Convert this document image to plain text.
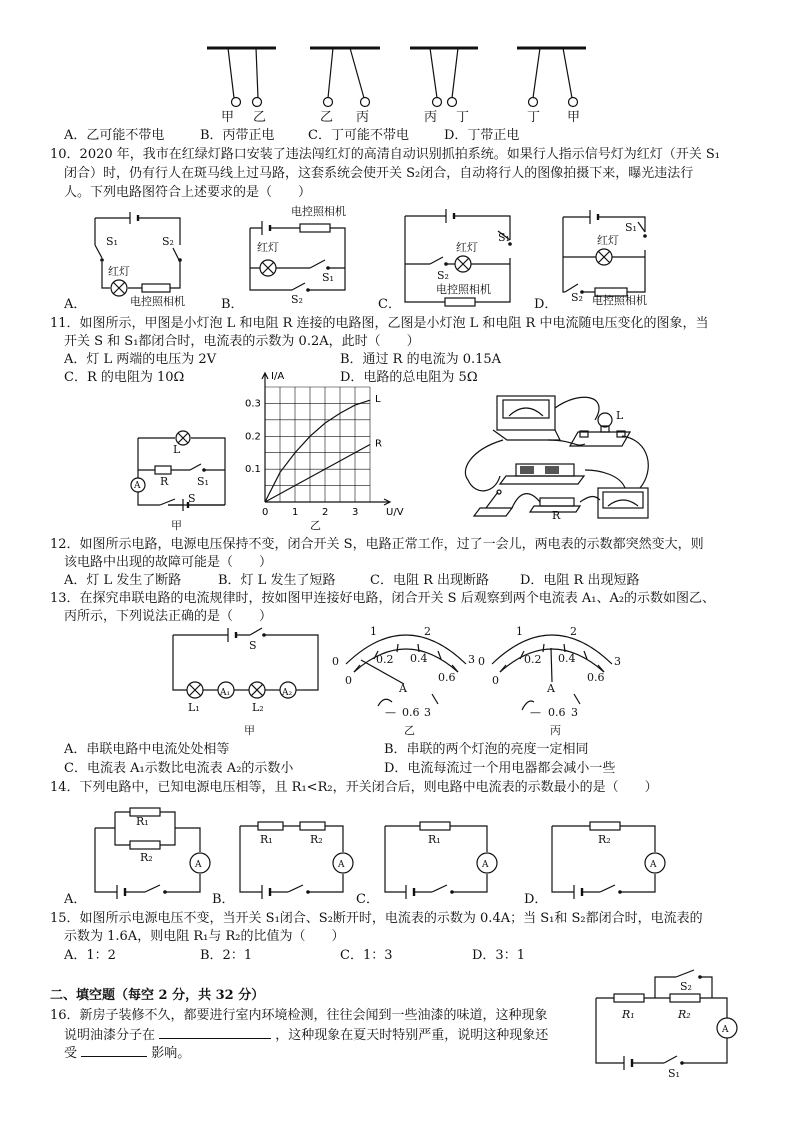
甲 乙	乙 丙	丙 丁	丁 甲
A．乙可能不带电	B．丙带正电	C．丁可能不带电	D．丁带正电
10．2020 年，我市在红绿灯路口安装了违法闯红灯的高清自动识别抓拍系统。如果行人指示信号灯为红灯（开关 S₁
闭合）时，仍有行人在斑马线上过马路，这套系统会使开关 S₂闭合，自动将行人的图像拍摄下来，曝光违法行
人。下列电路图符合上述要求的是（　　）
S₁	S₂
红灯
电控照相机
A．
电控照相机
红灯
S₁
S₂
B．
S₁
红灯
S₂
电控照相机
C．
S₁
红灯
S₂ 电控照相机
D．
11．如图所示，甲图是小灯泡 L 和电阻 R 连接的电路图，乙图是小灯泡 L 和电阻 R 中电流随电压变化的图象，当
开关 S 和 S₁都闭合时，电流表的示数为 0.2A，此时（　　）
A．灯 L 两端的电压为 2V	B．通过 R 的电流为 0.15A
C．R 的电阻为 10Ω	D．电路的总电阻为 5Ω
L
R	S₁
A
S
甲
0 1 2 3
0.1
0.2
0.3
I/A
U/V
L
R
乙
L
R
12．如图所示电路，电源电压保持不变，闭合开关 S，电路正常工作，过了一会儿，两电表的示数都突然变大，则
该电路中出现的故障可能是（　　）
A．灯 L 发生了断路	B．灯 L 发生了短路	C．电阻 R 出现断路 D．电阻 R 出现短路
13．在探究串联电路的电流规律时，按如图甲连接好电路，闭合开关 S 后观察到两个电流表 A₁、A₂的示数如图乙、
丙所示，下列说法正确的是（　　）
S
A₁	A₂
L₁	L₂
甲
1	2
3
0	0.2 0.4
0.6
0
A
— 0.6 3
乙
1	2
3
0	0.2 0.4
0.6
0
A
— 0.6 3
丙
A．串联电路中电流处处相等	B．串联的两个灯泡的亮度一定相同
C．电流表 A₁示数比电流表 A₂的示数小	D．电流每流过一个用电器都会减小一些
14．下列电路中，已知电源电压相等，且 R₁<R₂，开关闭合后，则电路中电流表的示数最小的是（　　）
R₁
R₂
A
A．
R₁	R₂
A
B．
R₁
A
C．
R₂
A
D．
15．如图所示电源电压不变，当开关 S₁闭合、S₂断开时，电流表的示数为 0.4A；当 S₁和 S₂都闭合时，电流表的
示数为 1.6A，则电阻 R₁与 R₂的比值为（　　）
A．1：2	B．2：1	C．1：3	D．3：1
二、填空题（每空 2 分，共 32 分）
16．新房子装修不久，都要进行室内环境检测，往往会闻到一些油漆的味道，这种现象
说明油漆分子在	，这种现象在夏天时特别严重，说明这种现象还
受	影响。
R₁	R₂
S₂
A
S₁
